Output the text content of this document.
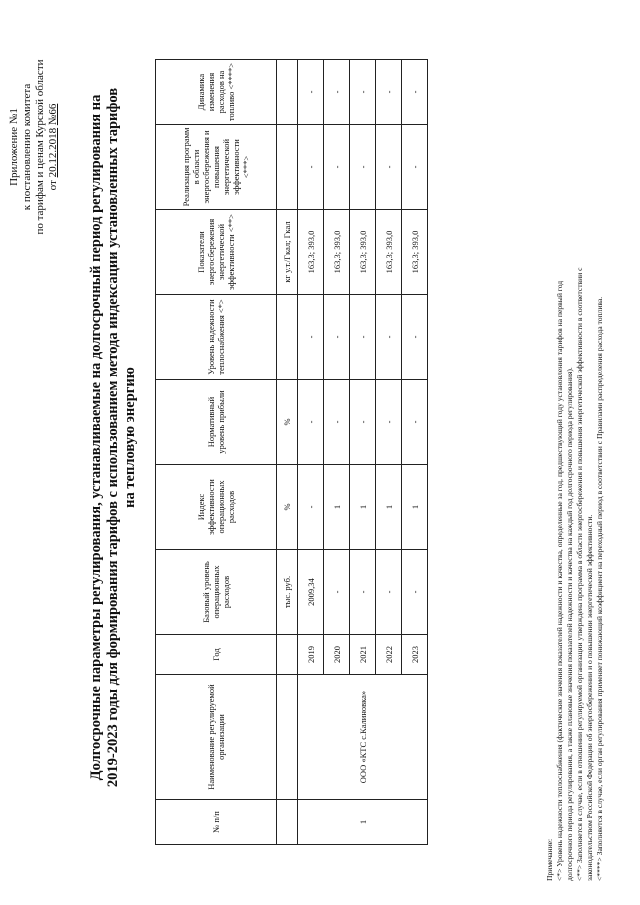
Приложение №1 к постановлению комитета по тарифам и ценам Курской области от 20.12.2018 №66 Долгосрочные параметры регулирования, устанавливаемые на долгосрочный период регулирования на 2019-2023 годы для формирования тарифов с использованием метода индексации установленных тарифов на тепловую энергию
№ п/п	Наименование регулируемой организации	Год	Базовый уровень операционных расходов	Индекс эффективности операционных расходов	Нормативный уровень прибыли	Уровень надежности теплоснабжения <*>	Показатели энергосбережения энергетической эффективности <**>	Реализация программ в области энергосбережения и повышения энергетической эффективности <***>	Динамика изменения расходов на топливо <****>
			тыс. руб.	%	%		кг у.т./Гкал; Гкал		
1	ООО «КТС с.Калиновка»	2019	2009,34	-	-	-	163,3; 393,0	-	-
		2020	-	1	-	-	163,3; 393,0	-	-
		2021	-	1	-	-	163,3; 393,0	-	-
		2022	-	1	-	-	163,3; 393,0	-	-
		2023	-	1	-	-	163,3; 393,0	-	-
Примечание: <*> Уровень надежности теплоснабжения (фактические значения показателей надежности и качества, определенные за год, предшествующий году установления тарифов на первый год долгосрочного периода регулирования, а также плановые значения показателей надежности и качества на каждый год долгосрочного периода регулирования). <**> Заполняется в случае, если в отношении регулируемой организации утверждена программа в области энергосбережения и повышения энергетической эффективности в соответствии с законодательством Российской Федерации об энергосбережении и о повышении энергетической эффективности. <****> Заполняется в случае, если орган регулирования применяет понижающий коэффициент на переходный период в соответствии с Правилами распределения расхода топлива.
